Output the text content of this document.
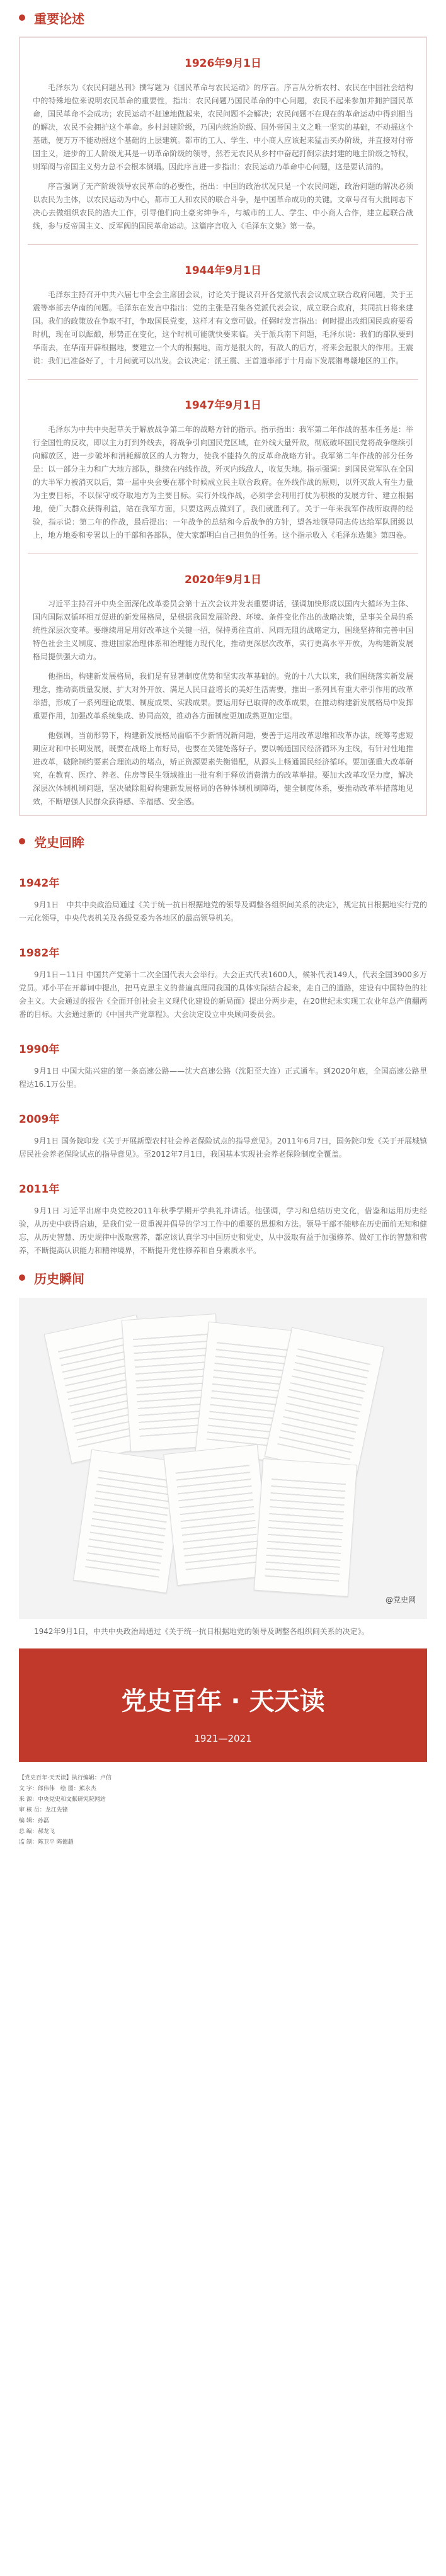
重要论述
1926年9月1日

毛泽东为《农民问题丛刊》撰写题为《国民革命与农民运动》的序言。序言从分析农村、农民在中国社会结构中的特殊地位来说明农民革命的重要性，指出：农民问题乃国民革命的中心问题，农民不起来参加并拥护国民革命，国民革命不会成功；农民运动不赶速地做起来，农民问题不会解决；农民问题不在现在的革命运动中得到相当的解决，农民不会拥护这个革命。乡村封建阶级，乃国内统治阶级、国外帝国主义之唯一坚实的基础，不动摇这个基础，便万万不能动摇这个基础的上层建筑。都市的工人、学生、中小商人应该起来猛击买办阶级，并直接对付帝国主义，进步的工人阶级尤其是一切革命阶级的领导，然若无农民从乡村中奋起打倒宗法封建的地主阶级之特权，则军阀与帝国主义势力总不会根本倒塌。因此序言进一步指出：农民运动乃革命中心问题，这是要认清的。

序言强调了无产阶级领导农民革命的必要性，指出：中国的政治状况只是一个农民问题，政治问题的解决必须以农民为主体，以农民运动为中心，都市工人和农民的联合斗争，是中国革命成功的关键。文章号召有大批同志下决心去做组织农民的浩大工作，引导他们向土豪劣绅争斗，与城市的工人、学生、中小商人合作，建立起联合战线，参与反帝国主义、反军阀的国民革命运动。这篇序言收入《毛泽东文集》第一卷。

1944年9月1日

毛泽东主持召开中共六届七中全会主席团会议，讨论关于提议召开各党派代表会议成立联合政府问题，关于王震等率部去华南的问题。毛泽东在发言中指出：党的主张是召集各党派代表会议，成立联合政府，共同抗日将来建国。我们的政策放在争取不打，争取国民党变，这样才有文章可做。任弼时发言指出：何时提出改组国民政府要看时机，现在可以酝酿，形势正在变化，这个时机可能就快要来临。关于派兵南下问题，毛泽东说：我们的部队要到华南去，在华南开辟根据地，要建立一个大的根据地，南方是很大的，有敌人的后方，将来会起很大的作用。王震说：我们已准备好了，十月间就可以出发。会议决定：派王震、王首道率部于十月南下发展湘粤赣地区的工作。

1947年9月1日

毛泽东为中共中央起草关于解放战争第二年的战略方针的指示。指示指出：我军第二年作战的基本任务是：举行全国性的反攻，即以主力打到外线去，将战争引向国民党区域，在外线大量歼敌，彻底破坏国民党将战争继续引向解放区，进一步破坏和消耗解放区的人力物力，使我不能持久的反革命战略方针。我军第二年作战的部分任务是：以一部分主力和广大地方部队，继续在内线作战，歼灭内线敌人，收复失地。指示强调：到国民党军队在全国的大半军力被消灭以后，第一届中央会要在那个时候成立民主联合政府。在外线作战的原则，以歼灭敌人有生力量为主要目标，不以保守或夺取地方为主要目标。实行外线作战，必须学会利用打仗为积极的发展方针、建立根据地，使广大群众获得利益，站在我军方面，只要这两点做到了，我们就胜利了。关于一年来我军作战所取得的经验，指示说：第二年的作战，最后提出：一年战争的总结和今后战争的方针，望各地领导同志传达给军队团级以上，地方地委和专署以上的干部和各部队，使大家都明白自己担负的任务。这个指示收入《毛泽东选集》第四卷。

2020年9月1日

习近平主持召开中央全面深化改革委员会第十五次会议并发表重要讲话，强调加快形成以国内大循环为主体、国内国际双循环相互促进的新发展格局，是根据我国发展阶段、环境、条件变化作出的战略决策，是事关全局的系统性深层次变革。要继续用足用好改革这个关键一招，保持勇往直前、风雨无阻的战略定力，围绕坚持和完善中国特色社会主义制度、推进国家治理体系和治理能力现代化，推动更深层次改革，实行更高水平开放，为构建新发展格局提供强大动力。

他指出，构建新发展格局，我们是有显著制度优势和坚实改革基础的。党的十八大以来，我们围绕落实新发展理念，推动高质量发展、扩大对外开放、满足人民日益增长的美好生活需要，推出一系列具有重大牵引作用的改革举措，形成了一系列理论成果、制度成果、实践成果。要运用好已取得的改革成果，在推动构建新发展格局中发挥重要作用，加强改革系统集成、协同高效，推动各方面制度更加成熟更加定型。

他强调，当前形势下，构建新发展格局面临不少新情况新问题，要善于运用改革思维和改革办法，统筹考虑短期应对和中长期发展，既要在战略上布好局，也要在关键处落好子。要以畅通国民经济循环为主线，有针对性地推进改革，破除制约要素合理流动的堵点，矫正资源要素失衡错配，从源头上畅通国民经济循环。要加强重大改革研究，在教育、医疗、养老、住房等民生领域推出一批有利于释放消费潜力的改革举措。要加大改革攻坚力度，解决深层次体制机制问题，坚决破除阻碍构建新发展格局的各种体制机制障碍，健全制度体系，要推动改革举措落地见效，不断增强人民群众获得感、幸福感、安全感。

党史回眸
1942年

9月1日　中共中央政治局通过《关于统一抗日根据地党的领导及调整各组织间关系的决定》，规定抗日根据地实行党的一元化领导，中央代表机关及各级党委为各地区的最高领导机关。

1982年

9月1日－11日 中国共产党第十二次全国代表大会举行。大会正式代表1600人，候补代表149人，代表全国3900多万党员。邓小平在开幕词中提出，把马克思主义的普遍真理同我国的具体实际结合起来，走自己的道路，建设有中国特色的社会主义。大会通过的报告《全面开创社会主义现代化建设的新局面》提出分两步走，在20世纪末实现工农业年总产值翻两番的目标。大会通过新的《中国共产党章程》。大会决定设立中央顾问委员会。

1990年

9月1日 中国大陆兴建的第一条高速公路——沈大高速公路（沈阳至大连）正式通车。到2020年底，全国高速公路里程达16.1万公里。

2009年

9月1日 国务院印发《关于开展新型农村社会养老保险试点的指导意见》。2011年6月7日，国务院印发《关于开展城镇居民社会养老保险试点的指导意见》。至2012年7月1日，我国基本实现社会养老保险制度全覆盖。

2011年

9月1日 习近平出席中央党校2011年秋季学期开学典礼并讲话。他强调，学习和总结历史文化，借鉴和运用历史经验，从历史中获得启迪，是我们党一贯重视并倡导的学习工作中的重要的思想和方法。领导干部不能够在历史面前无知和健忘，从历史智慧、历史规律中汲取营养，都应该认真学习中国历史和党史，从中汲取有益于加强修养、做好工作的智慧和营养，不断提高认识能力和精神境界，不断提升党性修养和自身素质水平。

历史瞬间
@党史网

1942年9月1日，中共中央政治局通过《关于统一抗日根据地党的领导及调整各组织间关系的决定》。

党史百年 · 天天读
1921—2021
【党史百年·天天读】执行编辑：卢信
文 字：郎伟伟　绘 图：熊永杰
来 源：中央党史和文献研究院网站
审 核 员：龙江先锋
编 辑：孙磊
总 编：郝龙飞
监 制：陈卫平 陈德超
